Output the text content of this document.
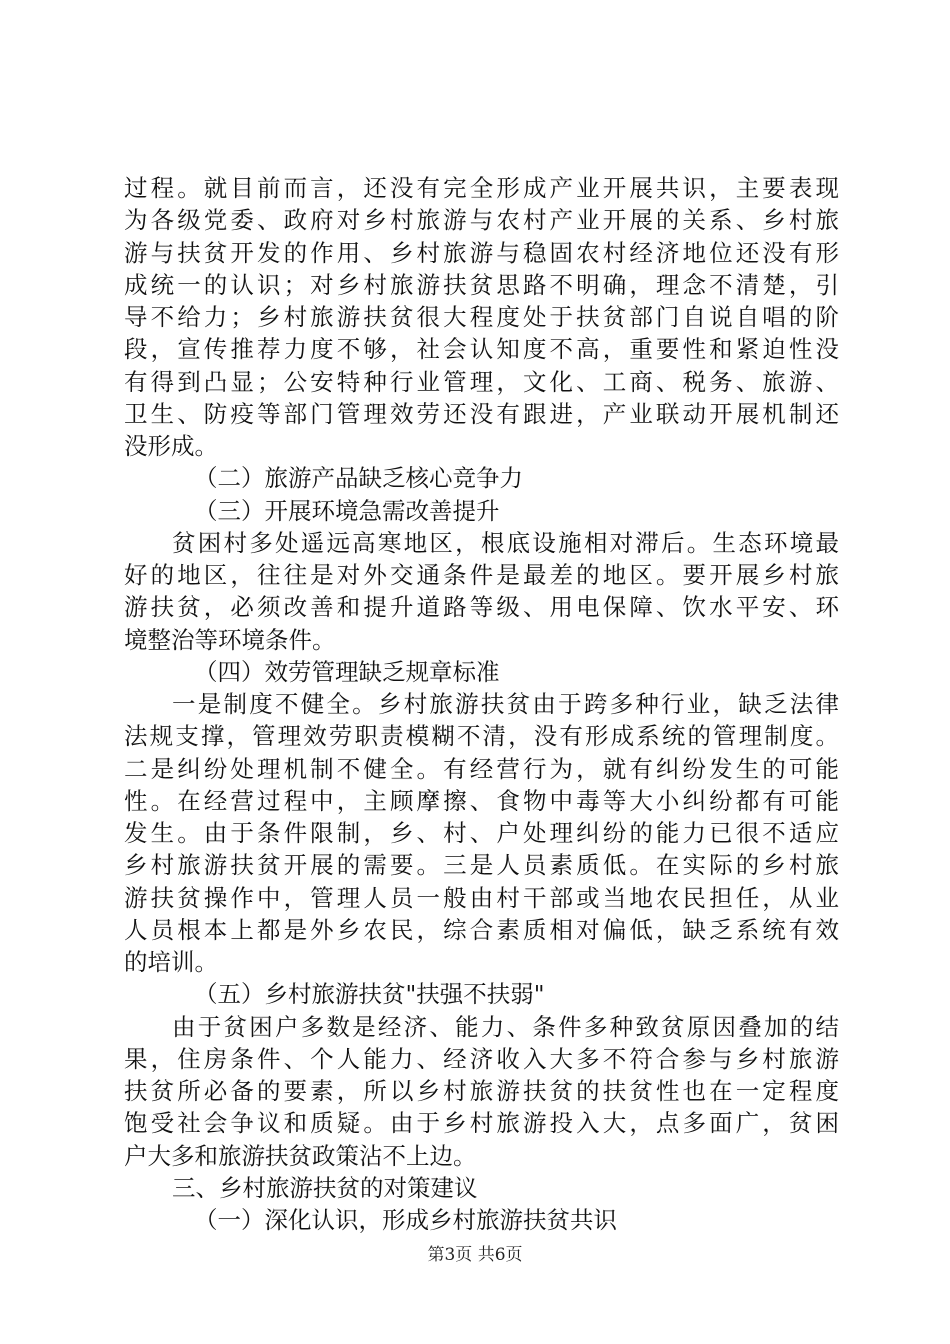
过程。就目前而言，还没有完全形成产业开展共识，主要表现
为各级党委、政府对乡村旅游与农村产业开展的关系、乡村旅
游与扶贫开发的作用、乡村旅游与稳固农村经济地位还没有形
成统一的认识；对乡村旅游扶贫思路不明确，理念不清楚，引
导不给力；乡村旅游扶贫很大程度处于扶贫部门自说自唱的阶
段，宣传推荐力度不够，社会认知度不高，重要性和紧迫性没
有得到凸显；公安特种行业管理，文化、工商、税务、旅游、
卫生、防疫等部门管理效劳还没有跟进，产业联动开展机制还
没形成。
（二）旅游产品缺乏核心竞争力
（三）开展环境急需改善提升
贫困村多处遥远高寒地区，根底设施相对滞后。生态环境最
好的地区，往往是对外交通条件是最差的地区。要开展乡村旅
游扶贫，必须改善和提升道路等级、用电保障、饮水平安、环
境整治等环境条件。
（四）效劳管理缺乏规章标准
一是制度不健全。乡村旅游扶贫由于跨多种行业，缺乏法律
法规支撑，管理效劳职责模糊不清，没有形成系统的管理制度。
二是纠纷处理机制不健全。有经营行为，就有纠纷发生的可能
性。在经营过程中，主顾摩擦、食物中毒等大小纠纷都有可能
发生。由于条件限制，乡、村、户处理纠纷的能力已很不适应
乡村旅游扶贫开展的需要。三是人员素质低。在实际的乡村旅
游扶贫操作中，管理人员一般由村干部或当地农民担任，从业
人员根本上都是外乡农民，综合素质相对偏低，缺乏系统有效
的培训。
（五）乡村旅游扶贫"扶强不扶弱"
由于贫困户多数是经济、能力、条件多种致贫原因叠加的结
果，住房条件、个人能力、经济收入大多不符合参与乡村旅游
扶贫所必备的要素，所以乡村旅游扶贫的扶贫性也在一定程度
饱受社会争议和质疑。由于乡村旅游投入大，点多面广，贫困
户大多和旅游扶贫政策沾不上边。
三、乡村旅游扶贫的对策建议
（一）深化认识，形成乡村旅游扶贫共识
第3页 共6页
